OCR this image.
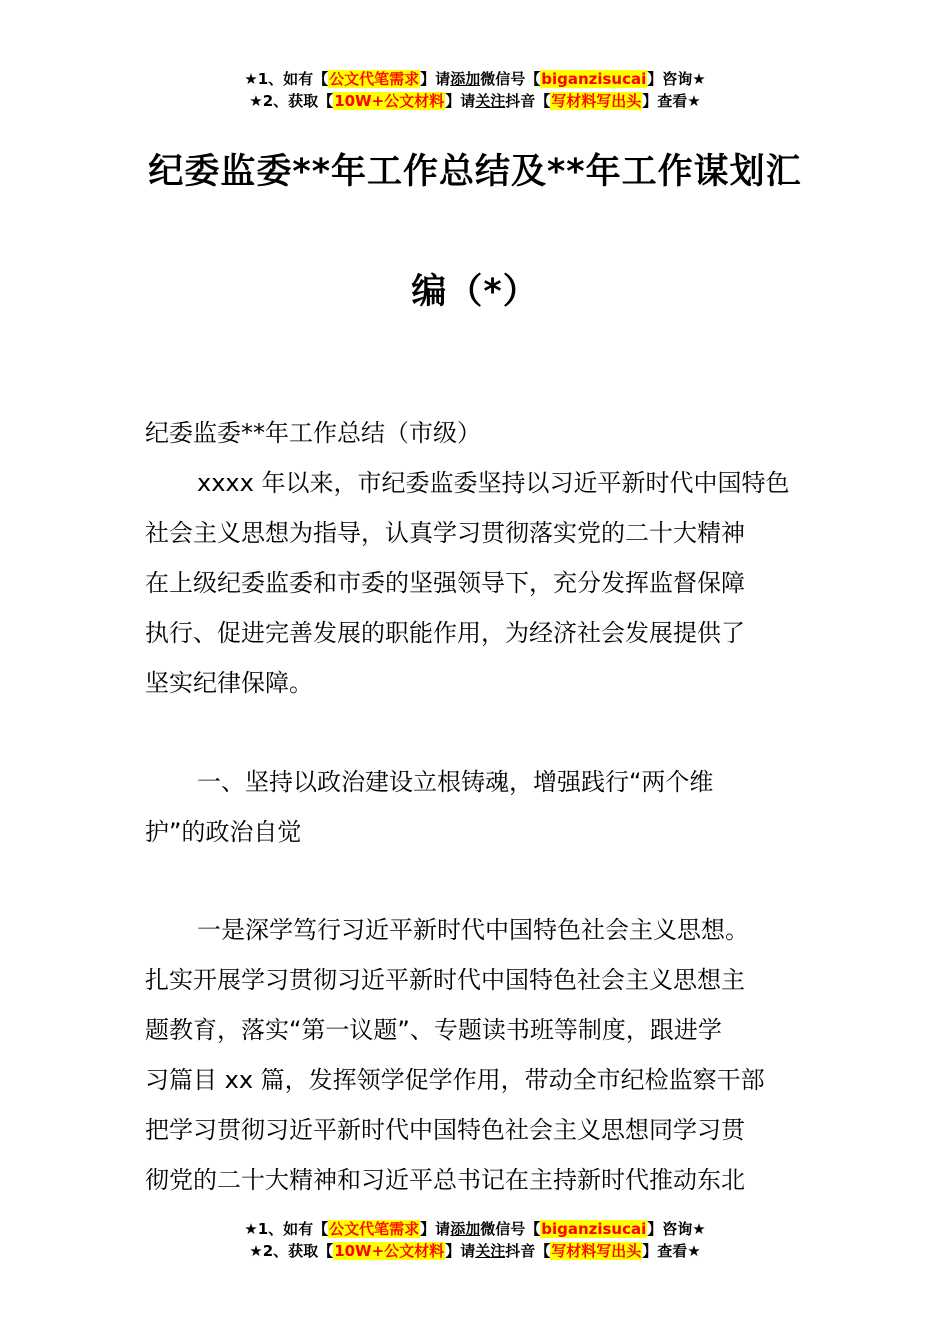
★1、如有【公文代笔需求】请添加微信号【biganzisucai】咨询★
★2、获取【10W+公文材料】请关注抖音【写材料写出头】查看★
纪委监委**年工作总结及**年工作谋划汇
编（*）
纪委监委**年工作总结（市级）
xxxx 年以来，市纪委监委坚持以习近平新时代中国特色
社会主义思想为指导，认真学习贯彻落实党的二十大精神
在上级纪委监委和市委的坚强领导下，充分发挥监督保障
执行、促进完善发展的职能作用，为经济社会发展提供了
坚实纪律保障。
一、坚持以政治建设立根铸魂，增强践行“两个维
护”的政治自觉
一是深学笃行习近平新时代中国特色社会主义思想。
扎实开展学习贯彻习近平新时代中国特色社会主义思想主
题教育，落实“第一议题”、专题读书班等制度，跟进学
习篇目 xx 篇，发挥领学促学作用，带动全市纪检监察干部
把学习贯彻习近平新时代中国特色社会主义思想同学习贯
彻党的二十大精神和习近平总书记在主持新时代推动东北
★1、如有【公文代笔需求】请添加微信号【biganzisucai】咨询★
★2、获取【10W+公文材料】请关注抖音【写材料写出头】查看★
